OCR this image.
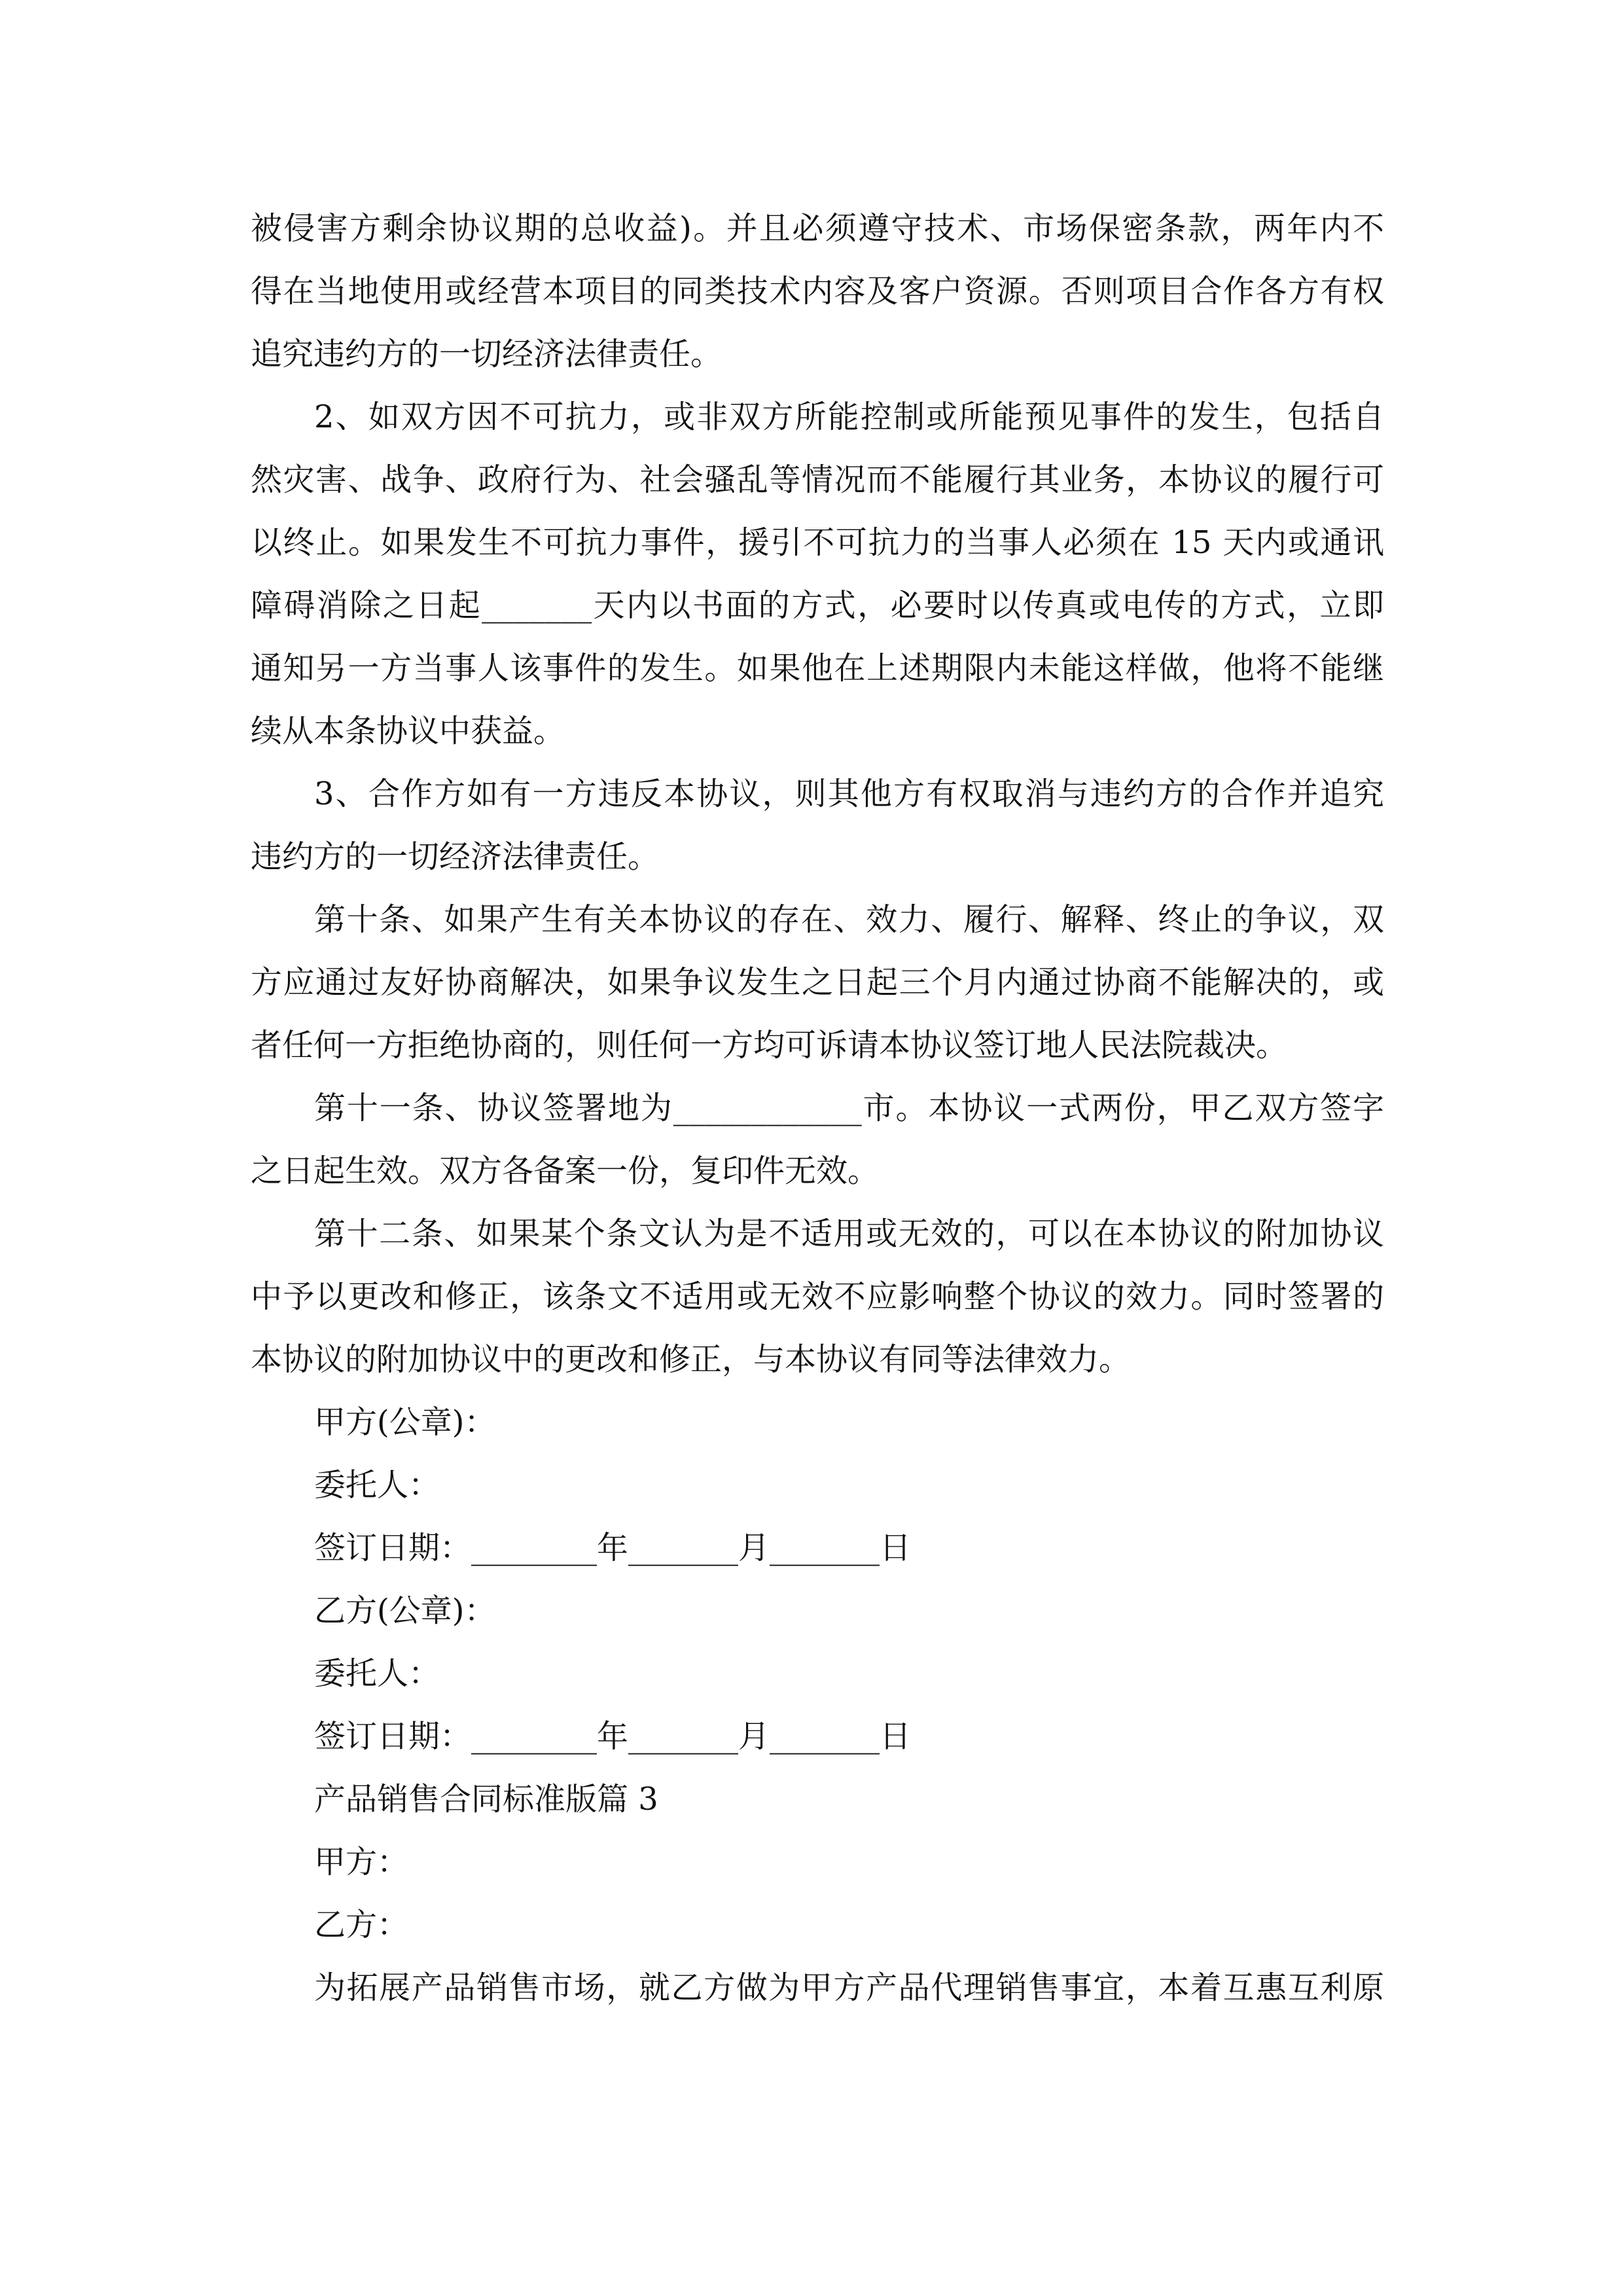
被侵害方剩余协议期的总收益)。并且必须遵守技术、市场保密条款，两年内不
得在当地使用或经营本项目的同类技术内容及客户资源。否则项目合作各方有权
追究违约方的一切经济法律责任。
2、如双方因不可抗力，或非双方所能控制或所能预见事件的发生，包括自
然灾害、战争、政府行为、社会骚乱等情况而不能履行其业务，本协议的履行可
以终止。如果发生不可抗力事件，援引不可抗力的当事人必须在 15 天内或通讯
障碍消除之日起_______天内以书面的方式，必要时以传真或电传的方式，立即
通知另一方当事人该事件的发生。如果他在上述期限内未能这样做，他将不能继
续从本条协议中获益。
3、合作方如有一方违反本协议，则其他方有权取消与违约方的合作并追究
违约方的一切经济法律责任。
第十条、如果产生有关本协议的存在、效力、履行、解释、终止的争议，双
方应通过友好协商解决，如果争议发生之日起三个月内通过协商不能解决的，或
者任何一方拒绝协商的，则任何一方均可诉请本协议签订地人民法院裁决。
第十一条、协议签署地为____________市。本协议一式两份，甲乙双方签字
之日起生效。双方各备案一份，复印件无效。
第十二条、如果某个条文认为是不适用或无效的，可以在本协议的附加协议
中予以更改和修正，该条文不适用或无效不应影响整个协议的效力。同时签署的
本协议的附加协议中的更改和修正，与本协议有同等法律效力。
甲方(公章)：
委托人：
签订日期：________年_______月_______日
乙方(公章)：
委托人：
签订日期：________年_______月_______日
产品销售合同标准版篇 3
甲方：
乙方：
为拓展产品销售市场，就乙方做为甲方产品代理销售事宜，本着互惠互利原
